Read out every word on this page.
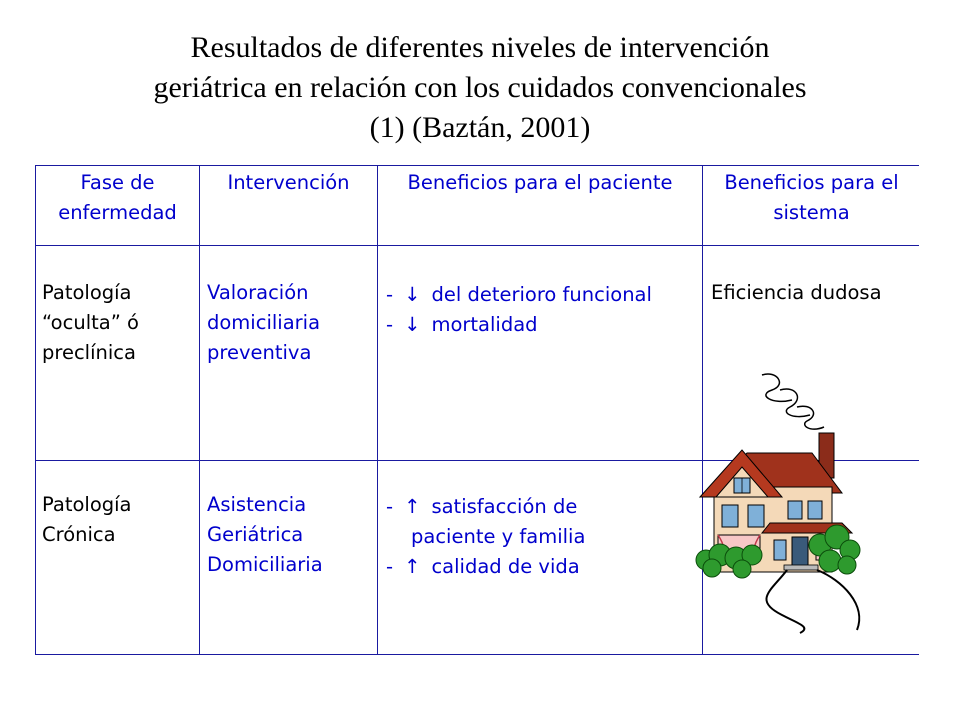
Resultados de diferentes niveles de intervención
geriátrica en relación con los cuidados convencionales
(1) (Baztán, 2001)
Fase de
enfermedad
Intervención	Beneficios para el paciente	Beneficios para el
sistema
Patología
“oculta” ó
preclínica
Valoración
domiciliaria
preventiva
- ↓ del deterioro funcional
- ↓ mortalidad
Eficiencia dudosa
Patología
Crónica
Asistencia
Geriátrica
Domiciliaria
- ↑ satisfacción de
paciente y familia
- ↑ calidad de vida
